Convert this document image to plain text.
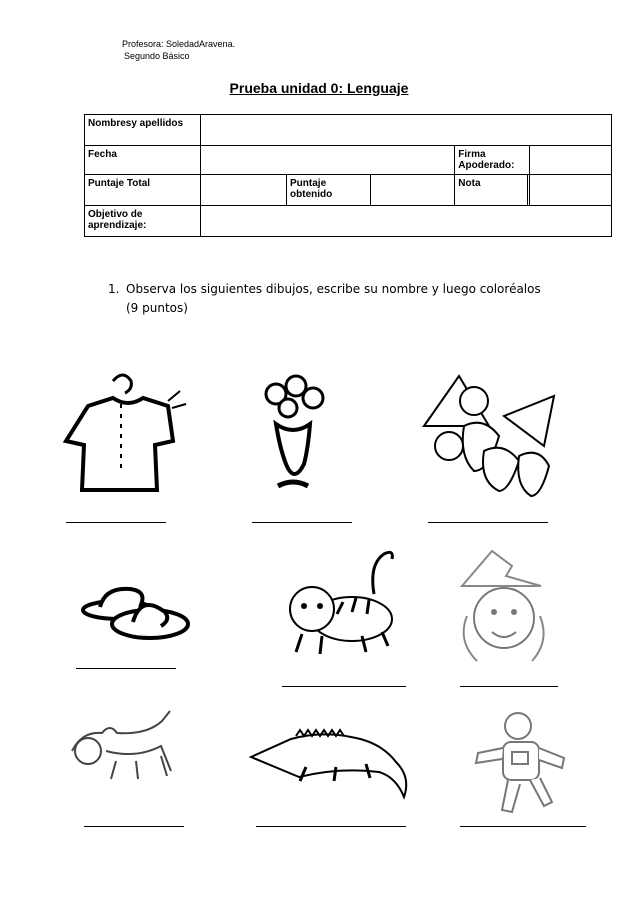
Profesora: SoledadAravena.
Segundo Básico
Prueba unidad 0: Lenguaje
Nombresy apellidos						
Fecha				Firma Apoderado:		
Puntaje Total		Puntaje obtenido		Nota		
Objetivo de aprendizaje:						
1. Observa los siguientes dibujos, escribe su nombre y luego coloréalos
(9 puntos)
